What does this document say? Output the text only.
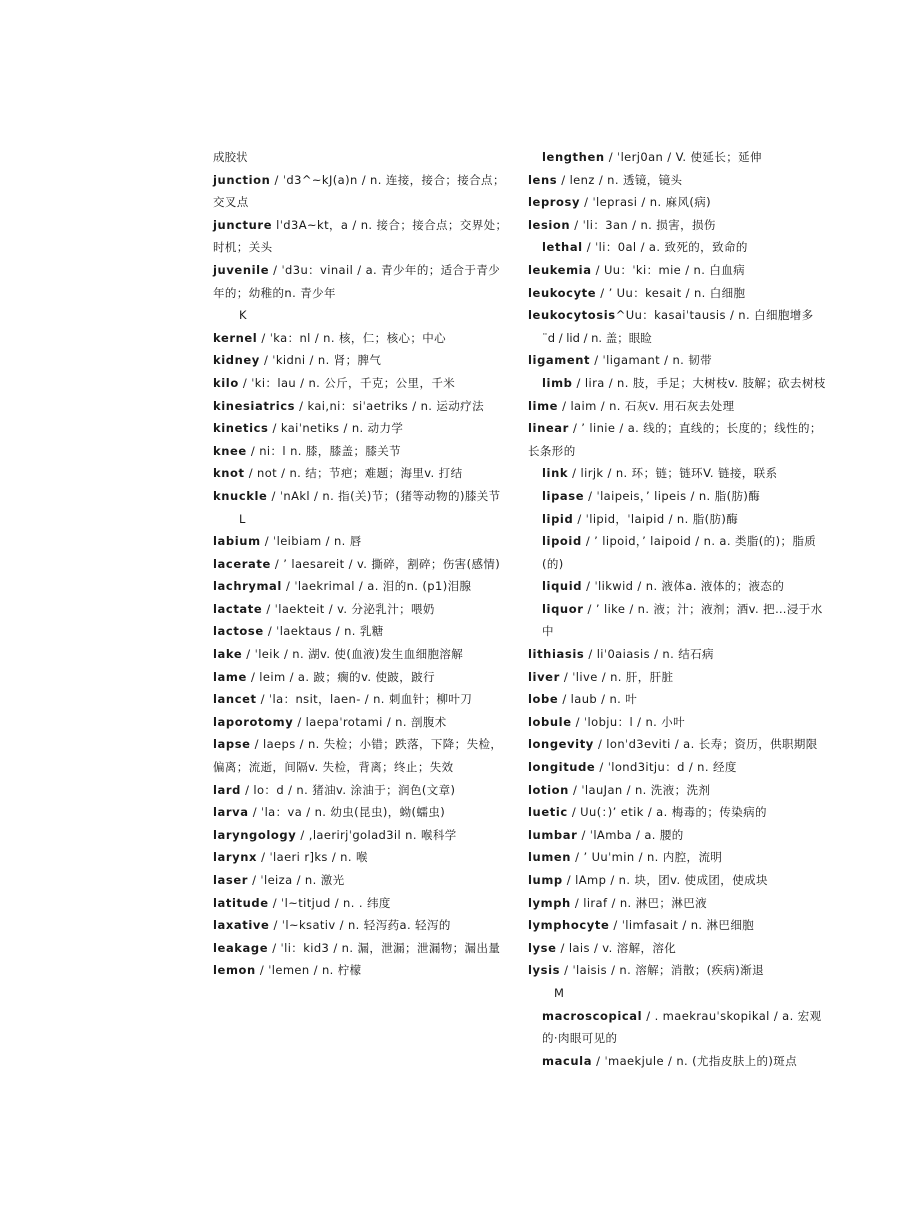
成胶状
junction / ˈd3^~kJ(a)n / n. 连接，接合；接合点；交叉点
juncture lˈd3A~kt，a / n. 接合；接合点；交界处；时机；关头
juvenile / ˈd3u：vinail / a. 青少年的；适合于青少年的；幼稚的n. 青少年
K
kernel / ˈka：nl / n. 核，仁；核心；中心
kidney / ˈkidni / n. 肾；脾气
kilo / ˈki：lau / n. 公斤，千克；公里，千米
kinesiatrics / kai,ni：siˈaetriks / n. 运动疗法
kinetics / kaiˈnetiks / n. 动力学
knee / ni：l n. 膝，膝盖；膝关节
knot / not / n. 结；节疤；难题；海里v. 打结
knuckle / ˈnAkl / n. 指(关)节；(猪等动物的)膝关节
L
labium / ˈleibiam / n. 唇
lacerate / ’ laesareit / v. 撕碎，割碎；伤害(感情)
lachrymal / ˈlaekrimal / a. 泪的n. (p1)泪腺
lactate / ˈlaekteit / v. 分泌乳汁；喂奶
lactose / ˈlaektaus / n. 乳糖
lake / ˈleik / n. 湖v. 使(血液)发生血细胞溶解
lame / leim / a. 跛；瘸的v. 使跛，跛行
lancet / ˈla：nsit，laen- / n. 刺血针；柳叶刀
laporotomy / laepaˈrotami / n. 剖腹术
lapse / laeps / n. 失检；小错；跌落，下降；失检，偏离；流逝，间隔v. 失检，背离；终止；失效
lard / lo：d / n. 猪油v. 涂油于；润色(文章)
larva / ˈla：va / n. 幼虫(昆虫)，蚴(蠕虫)
laryngology / ,laerirjˈgolad3il n. 喉科学
larynx / ˈlaeri r]ks / n. 喉
laser / ˈleiza / n. 激光
latitude / ˈl~titjud / n. . 纬度
laxative / ˈl~ksativ / n. 轻泻药a. 轻泻的
leakage / ˈli：kid3 / n. 漏，泄漏；泄漏物；漏出量
lemon / ˈlemen / n. 柠檬
lengthen / ˈlerj0an / V. 使延长；延伸
lens / lenz / n. 透镜，镜头
leprosy / ˈleprasi / n. 麻风(病)
lesion / ˈli：3an / n. 损害，损伤
lethal / ˈli：0al / a. 致死的，致命的
leukemia / Uu：ˈki：mie / n. 白血病
leukocyte / ’ Uu：kesait / n. 白细胞
leukocytosis^Uu：kasaiˈtausis / n. 白细胞增多
¨d / lid / n. 盖；眼睑
ligament / ˈligamant / n. 韧带
limb / lira / n. 肢，手足；大树枝v. 肢解；砍去树枝
lime / laim / n. 石灰v. 用石灰去处理
linear / ’ linie / a. 线的；直线的；长度的；线性的；长条形的
link / lirjk / n. 环；链；链环V. 链接，联系
lipase / ˈlaipeis，’ lipeis / n. 脂(肪)酶
lipid / ˈlipid，ˈlaipid / n. 脂(肪)酶
lipoid / ’ lipoid，’ laipoid / n. a. 类脂(的)；脂质(的)
liquid / ˈlikwid / n. 液体a. 液体的；液态的
liquor / ’ like / n. 液；汁；液剂；酒v. 把…浸于水中
lithiasis / liˈ0aiasis / n. 结石病
liver / ˈlive / n. 肝，肝脏
lobe / laub / n. 叶
lobule / ˈlobju：l / n. 小叶
longevity / lonˈd3eviti / a. 长寿；资历，供职期限
longitude / ˈlond3itju：d / n. 经度
lotion / ˈlauJan / n. 洗液；洗剂
luetic / Uu(：)’ etik / a. 梅毒的；传染病的
lumbar / ˈlAmba / a. 腰的
lumen / ’ Uuˈmin / n. 内腔，流明
lump / lAmp / n. 块，团v. 使成团，使成块
lymph / liraf / n. 淋巴；淋巴液
lymphocyte / ˈlimfasait / n. 淋巴细胞
lyse / lais / v. 溶解，溶化
lysis / ˈlaisis / n. 溶解；消散；(疾病)渐退
M
macroscopical / . maekrauˈskopikal / a. 宏观的·肉眼可见的
macula / ˈmaekjule / n. (尤指皮肤上的)斑点
